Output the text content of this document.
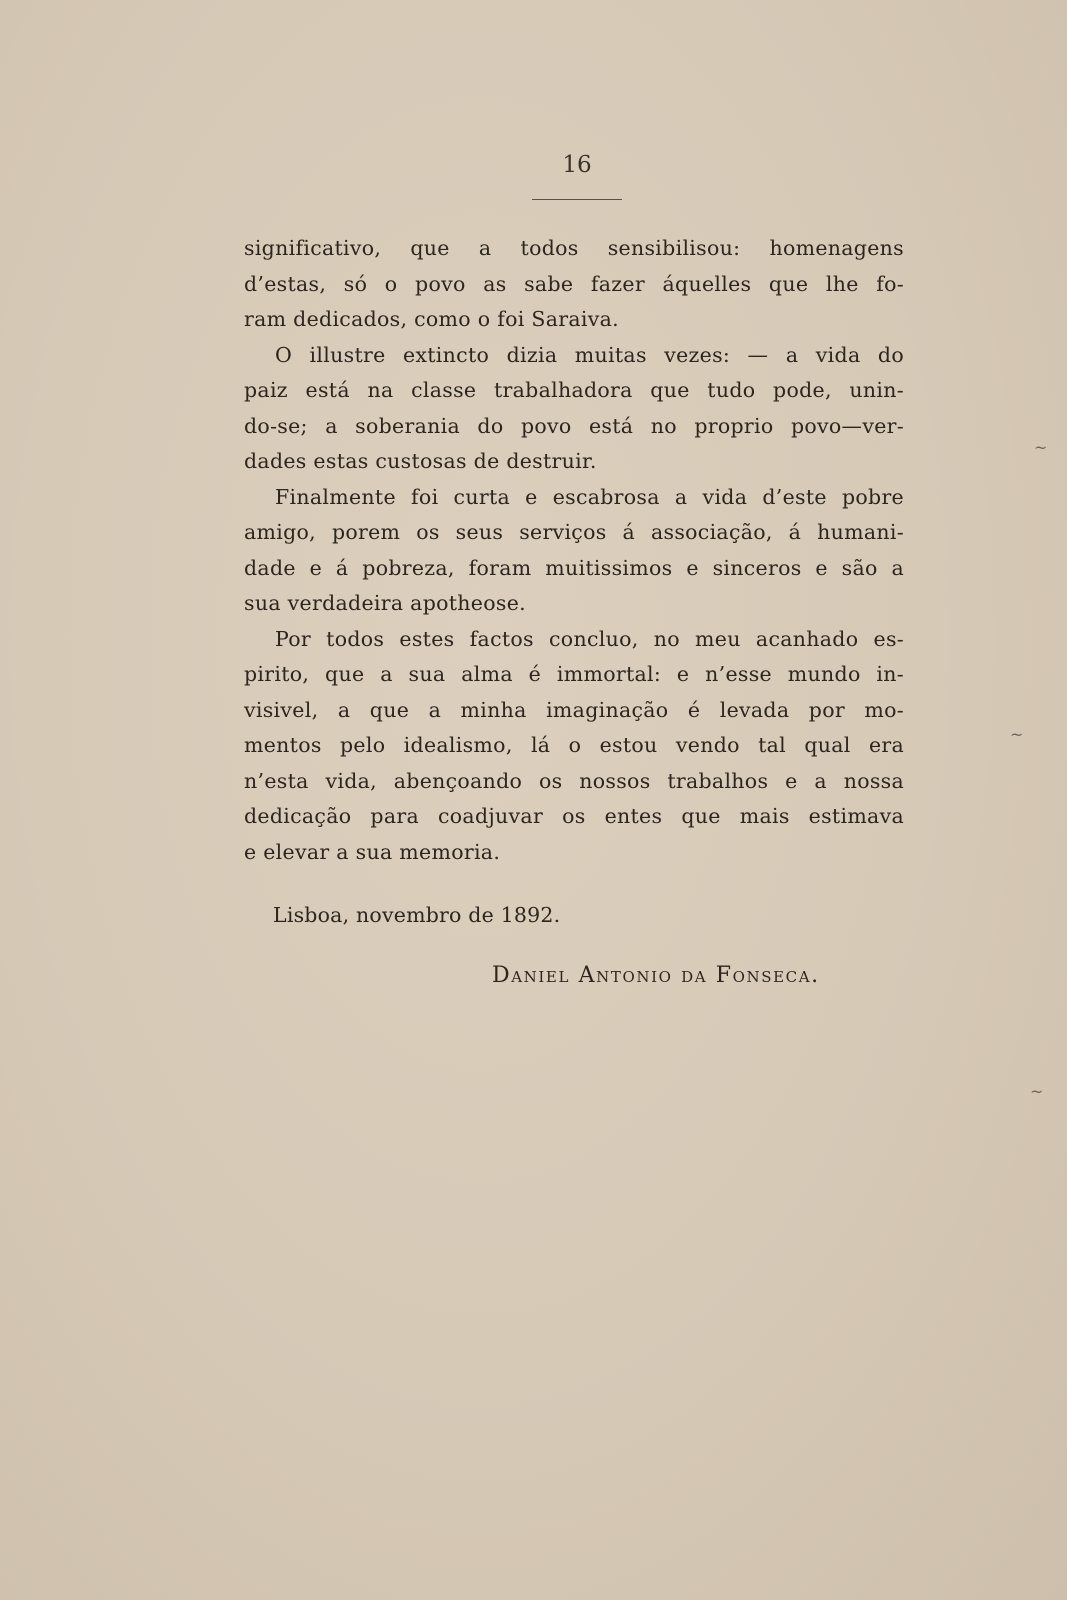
16
significativo, que a todos sensibilisou: homenagens
d’estas, só o povo as sabe fazer áquelles que lhe fo-
ram dedicados, como o foi Saraiva.
O illustre extincto dizia muitas vezes: — a vida do
paiz está na classe trabalhadora que tudo pode, unin-
do-se; a soberania do povo está no proprio povo—ver-
dades estas custosas de destruir.
Finalmente foi curta e escabrosa a vida d’este pobre
amigo, porem os seus serviços á associação, á humani-
dade e á pobreza, foram muitissimos e sinceros e são a
sua verdadeira apotheose.
Por todos estes factos concluo, no meu acanhado es-
pirito, que a sua alma é immortal: e n’esse mundo in-
visivel, a que a minha imaginação é levada por mo-
mentos pelo idealismo, lá o estou vendo tal qual era
n’esta vida, abençoando os nossos trabalhos e a nossa
dedicação para coadjuvar os entes que mais estimava
e elevar a sua memoria.
Lisboa, novembro de 1892.
Daniel Antonio da Fonseca.
~
~
~
